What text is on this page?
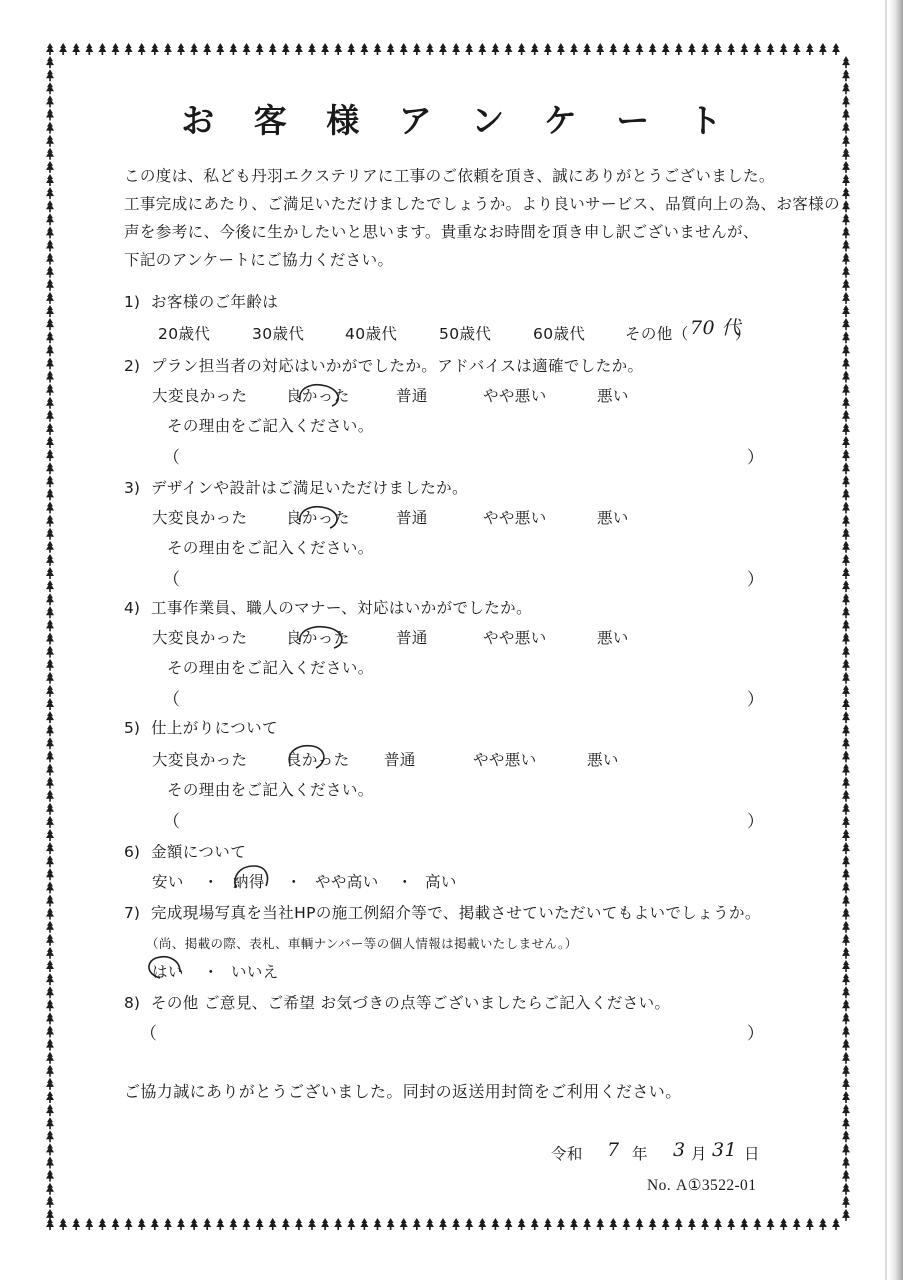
お 客 様 ア ン ケ ー ト
この度は、私ども丹羽エクステリアに工事のご依頼を頂き、誠にありがとうございました。
工事完成にあたり、ご満足いただけましたでしょうか。より良いサービス、品質向上の為、お客様の
声を参考に、今後に生かしたいと思います。貴重なお時間を頂き申し訳ございませんが、
下記のアンケートにご協力ください。
1) お客様のご年齢は
20歳代	30歳代	40歳代	50歳代	60歳代	その他（ 70 代
）
2) プラン担当者の対応はいかがでしたか。アドバイスは適確でしたか。
大変良かった 良かった	普通	やや悪い	悪い
その理由をご記入ください。
（	）
3) デザインや設計はご満足いただけましたか。
大変良かった 良かった	普通	やや悪い	悪い
その理由をご記入ください。
（	）
4) 工事作業員、職人のマナー、対応はいかがでしたか。
大変良かった 良かった	普通	やや悪い	悪い
その理由をご記入ください。
（	）
5) 仕上がりについて
大変良かった 良かった 普通	やや悪い	悪い
その理由をご記入ください。
（	）
6) 金額について
安い ・ 納得 ・ やや高い ・ 高い
7) 完成現場写真を当社HPの施工例紹介等で、掲載させていただいてもよいでしょうか。
（尚、掲載の際、表札、車輌ナンバー等の個人情報は掲載いたしません。）
はい ・ いいえ
8) その他 ご意見、ご希望 お気づきの点等ございましたらご記入ください。
（	）
ご協力誠にありがとうございました。同封の返送用封筒をご利用ください。
令和 7 年 3 月 31 日
No. A①3522-01
